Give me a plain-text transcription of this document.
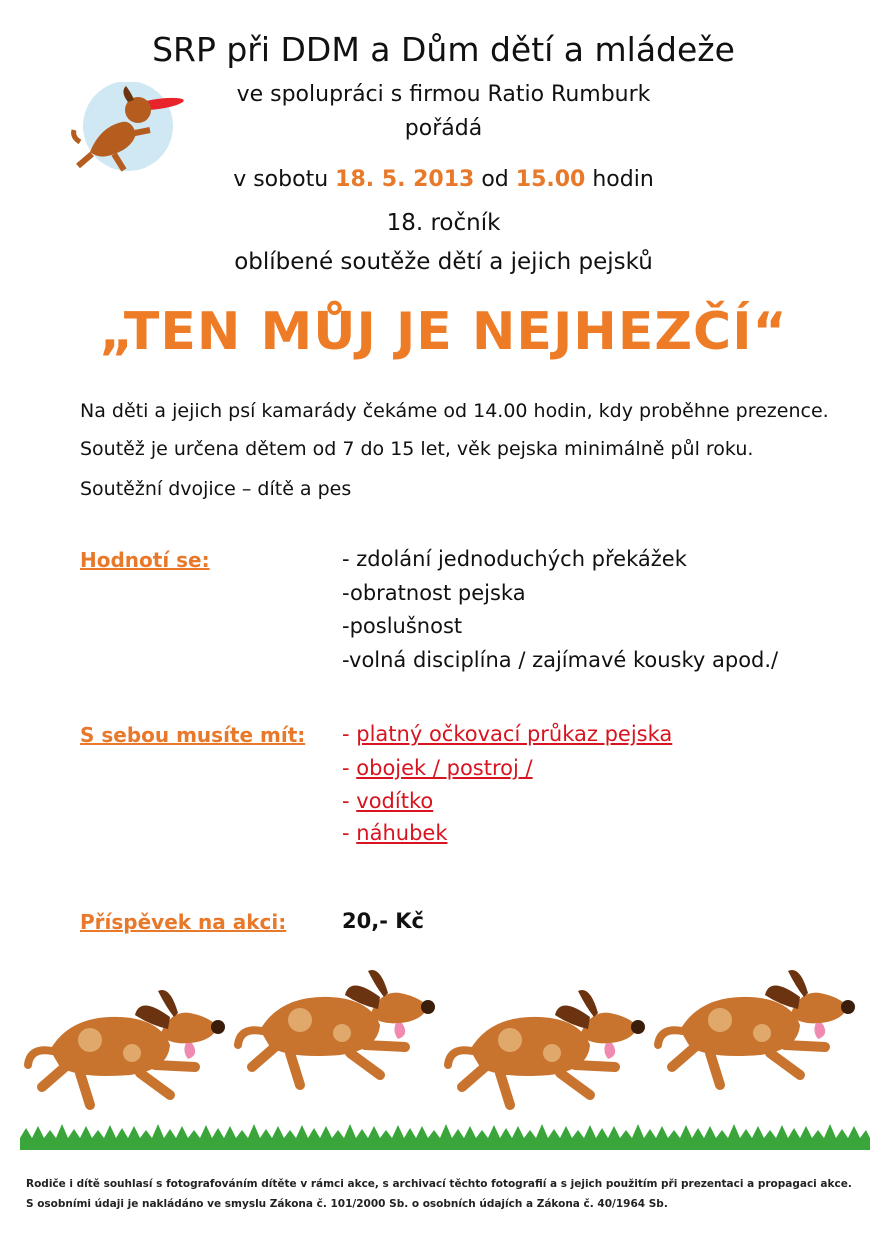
SRP při DDM a Dům dětí a mládeže
ve spolupráci s firmou Ratio Rumburk
pořádá
v sobotu 18. 5. 2013 od 15.00 hodin
18. ročník
oblíbené soutěže dětí a jejich pejsků
„TEN MŮJ JE NEJHEZČÍ“
Na děti a jejich psí kamarády čekáme od 14.00 hodin, kdy proběhne prezence.
Soutěž je určena dětem od 7 do 15 let, věk pejska minimálně půl roku.
Soutěžní dvojice – dítě a pes
Hodnotí se:	- zdolání jednoduchých překážek
-obratnost pejska
-poslušnost
-volná disciplína / zajímavé kousky apod./
S sebou musíte mít: - platný očkovací průkaz pejska
- obojek / postroj /
- vodítko
- náhubek
Příspěvek na akci:	20,- Kč
Rodiče i dítě souhlasí s fotografováním dítěte v rámci akce, s archivací těchto fotografií a s jejich použitím při prezentaci a propagaci akce.
S osobními údaji je nakládáno ve smyslu Zákona č. 101/2000 Sb. o osobních údajích a Zákona č. 40/1964 Sb.
